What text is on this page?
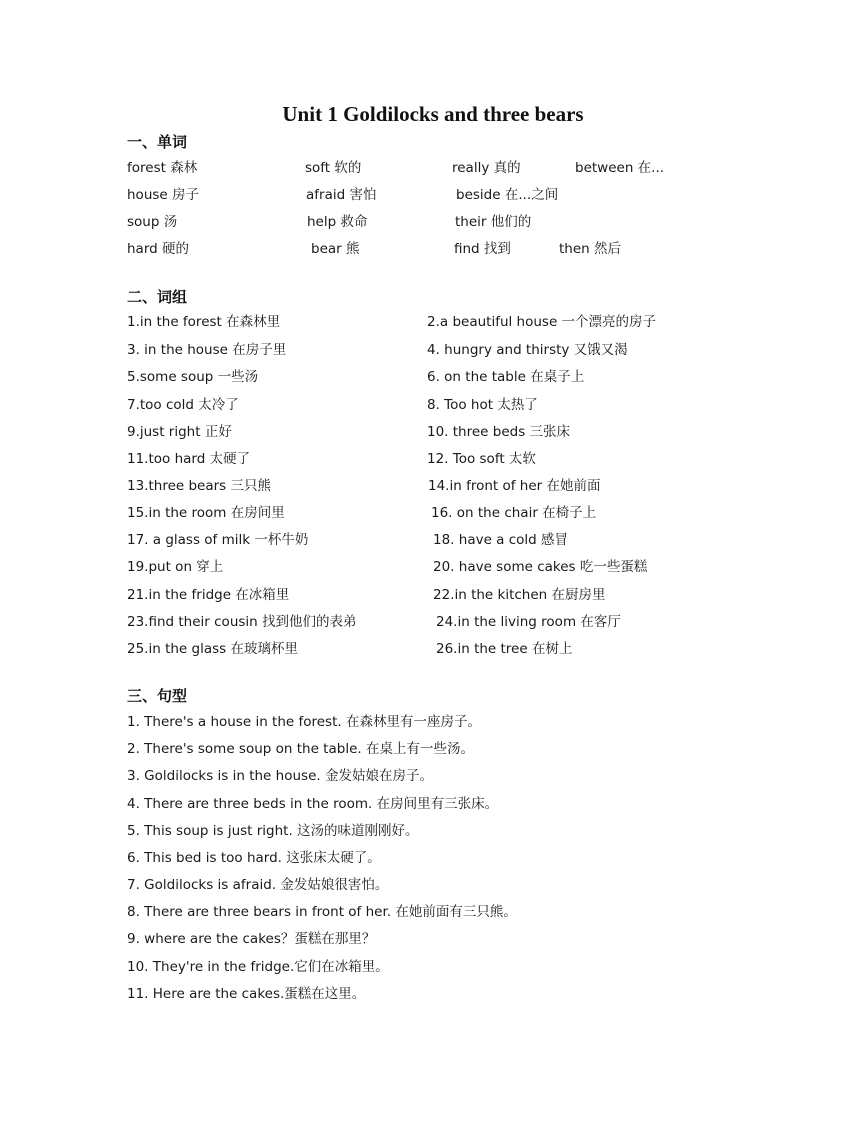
Unit 1 Goldilocks and three bears
一、单词
forest 森林	soft 软的	really 真的	between 在...
house 房子	afraid 害怕	beside 在...之间
soup 汤	help 救命	their 他们的
hard 硬的	bear 熊	find 找到	then 然后
二、词组
1.in the forest 在森林里	2.a beautiful house 一个漂亮的房子
3. in the house 在房子里	4. hungry and thirsty 又饿又渴
5.some soup 一些汤	6. on the table 在桌子上
7.too cold 太冷了	8. Too hot 太热了
9.just right 正好	10. three beds 三张床
11.too hard 太硬了	12. Too soft 太软
13.three bears 三只熊	14.in front of her 在她前面
15.in the room 在房间里	16. on the chair 在椅子上
17. a glass of milk 一杯牛奶	18. have a cold 感冒
19.put on 穿上	20. have some cakes 吃一些蛋糕
21.in the fridge 在冰箱里	22.in the kitchen 在厨房里
23.find their cousin 找到他们的表弟	24.in the living room 在客厅
25.in the glass 在玻璃杯里	26.in the tree 在树上
三、句型
1. There's a house in the forest. 在森林里有一座房子。
2. There's some soup on the table. 在桌上有一些汤。
3. Goldilocks is in the house. 金发姑娘在房子。
4. There are three beds in the room. 在房间里有三张床。
5. This soup is just right. 这汤的味道刚刚好。
6. This bed is too hard. 这张床太硬了。
7. Goldilocks is afraid. 金发姑娘很害怕。
8. There are three bears in front of her. 在她前面有三只熊。
9. where are the cakes？蛋糕在那里？
10. They're in the fridge.它们在冰箱里。
11. Here are the cakes.蛋糕在这里。
